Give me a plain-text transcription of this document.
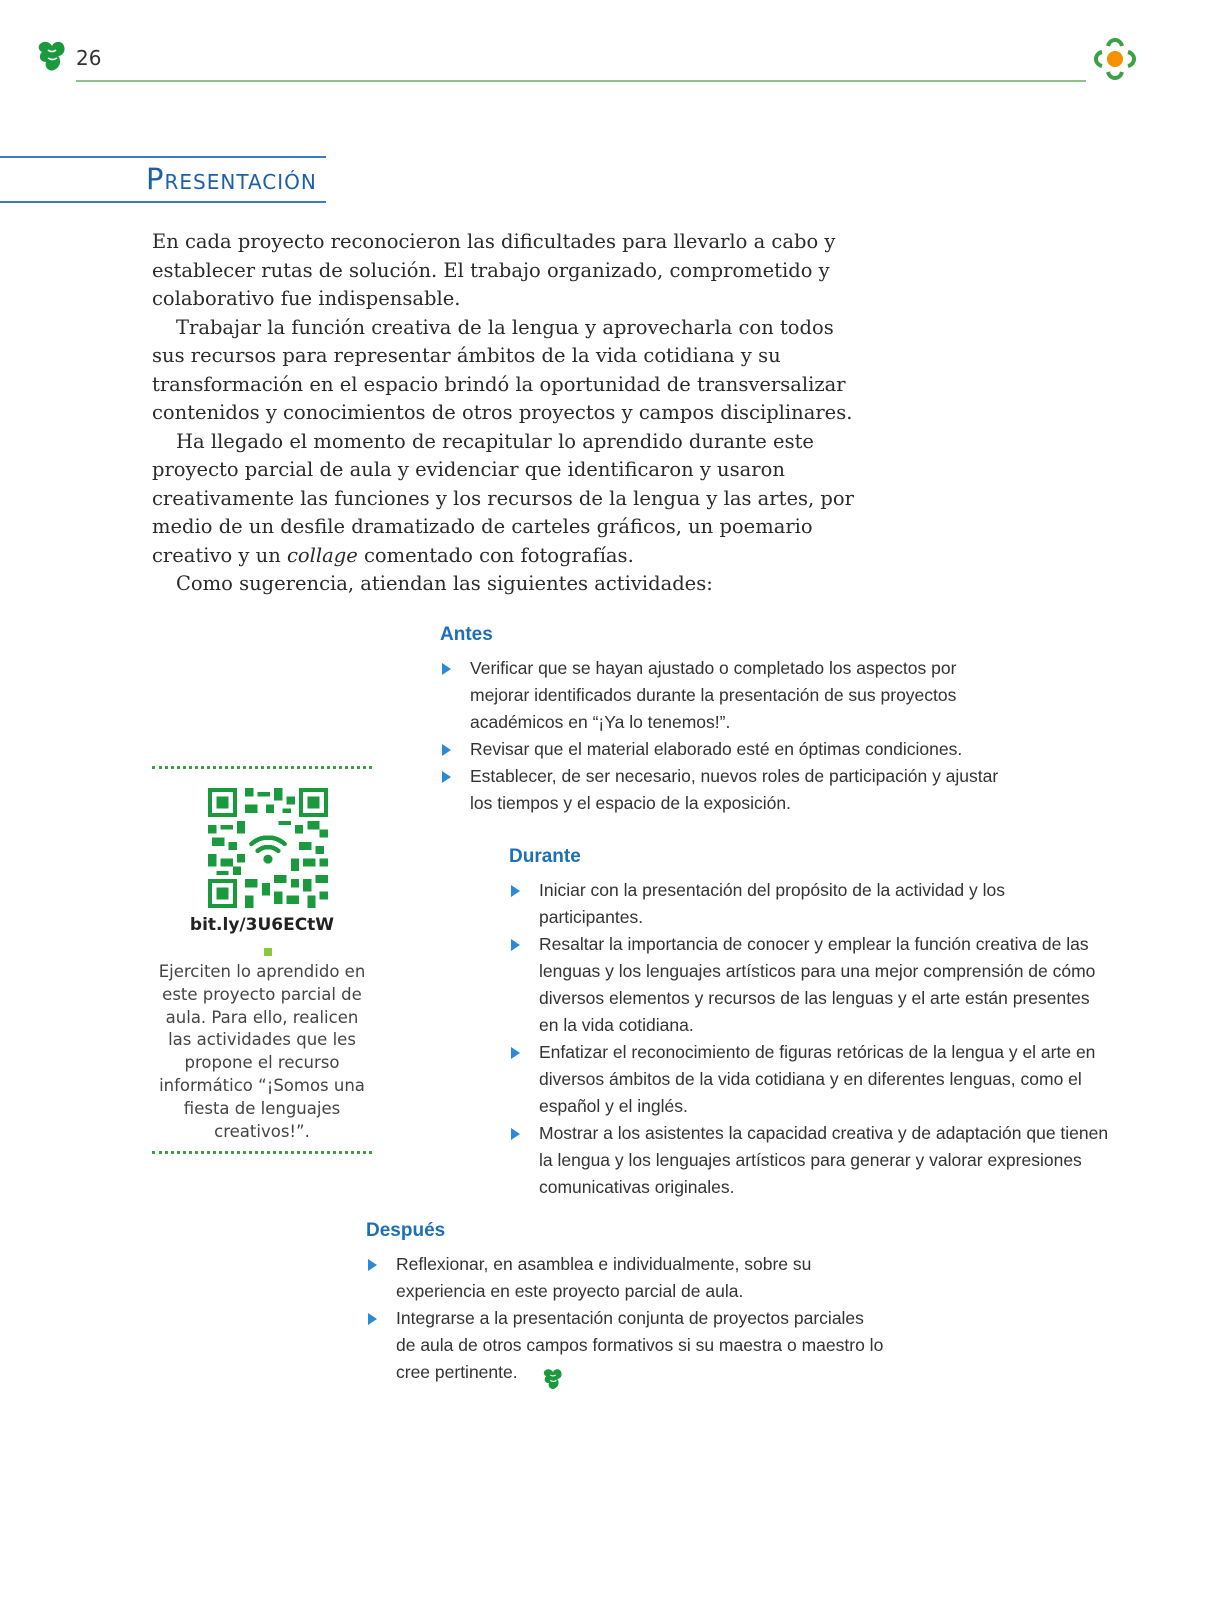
26
Presentación

En cada proyecto reconocieron las dificultades para llevarlo a cabo y establecer rutas de solución. El trabajo organizado, comprometido y colaborativo fue indispensable.

Trabajar la función creativa de la lengua y aprovecharla con todos sus recursos para representar ámbitos de la vida cotidiana y su transformación en el espacio brindó la oportunidad de transversalizar contenidos y conocimientos de otros proyectos y campos disciplinares.

Ha llegado el momento de recapitular lo aprendido durante este proyecto parcial de aula y evidenciar que identificaron y usaron creativamente las funciones y los recursos de la lengua y las artes, por medio de un desfile dramatizado de carteles gráficos, un poemario creativo y un collage comentado con fotografías.

Como sugerencia, atiendan las siguientes actividades:

Antes
Verificar que se hayan ajustado o completado los aspectos por mejorar identificados durante la presentación de sus proyectos académicos en “¡Ya lo tenemos!”.
Revisar que el material elaborado esté en óptimas condiciones.
Establecer, de ser necesario, nuevos roles de participación y ajustar los tiempos y el espacio de la exposición.
bit.ly/3U6ECtW
Ejerciten lo aprendido en este proyecto parcial de aula. Para ello, realicen las actividades que les propone el recurso informático “¡Somos una fiesta de lenguajes creativos!”.
Durante
Iniciar con la presentación del propósito de la actividad y los participantes.
Resaltar la importancia de conocer y emplear la función creativa de las lenguas y los lenguajes artísticos para una mejor comprensión de cómo diversos elementos y recursos de las lenguas y el arte están presentes en la vida cotidiana.
Enfatizar el reconocimiento de figuras retóricas de la lengua y el arte en diversos ámbitos de la vida cotidiana y en diferentes lenguas, como el español y el inglés.
Mostrar a los asistentes la capacidad creativa y de adaptación que tienen la lengua y los lenguajes artísticos para generar y valorar expresiones comunicativas originales.
Después
Reflexionar, en asamblea e individualmente, sobre su experiencia en este proyecto parcial de aula.
Integrarse a la presentación conjunta de proyectos parciales de aula de otros campos formativos si su maestra o maestro lo cree pertinente.
